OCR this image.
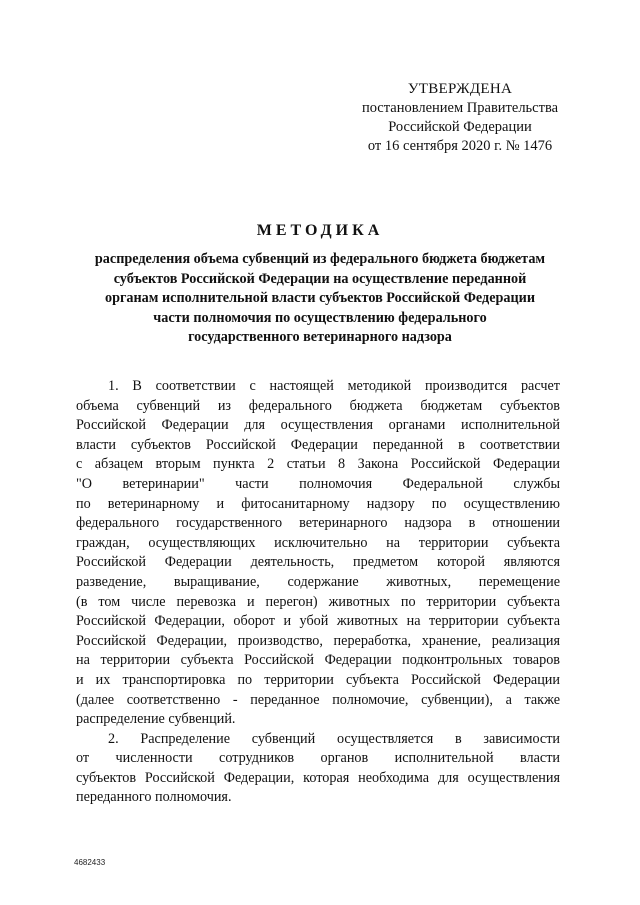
УТВЕРЖДЕНА
постановлением Правительства
Российской Федерации
от 16 сентября 2020 г. № 1476
МЕТОДИКА
распределения объема субвенций из федерального бюджета бюджетам
субъектов Российской Федерации на осуществление переданной
органам исполнительной власти субъектов Российской Федерации
части полномочия по осуществлению федерального
государственного ветеринарного надзора
1. В соответствии с настоящей методикой производится расчет
объема субвенций из федерального бюджета бюджетам субъектов
Российской Федерации для осуществления органами исполнительной
власти субъектов Российской Федерации переданной в соответствии
с абзацем вторым пункта 2 статьи 8 Закона Российской Федерации
"О ветеринарии" части полномочия Федеральной службы
по ветеринарному и фитосанитарному надзору по осуществлению
федерального государственного ветеринарного надзора в отношении
граждан, осуществляющих исключительно на территории субъекта
Российской Федерации деятельность, предметом которой являются
разведение, выращивание, содержание животных, перемещение
(в том числе перевозка и перегон) животных по территории субъекта
Российской Федерации, оборот и убой животных на территории субъекта
Российской Федерации, производство, переработка, хранение, реализация
на территории субъекта Российской Федерации подконтрольных товаров
и их транспортировка по территории субъекта Российской Федерации
(далее соответственно - переданное полномочие, субвенции), а также
распределение субвенций.
2. Распределение субвенций осуществляется в зависимости
от численности сотрудников органов исполнительной власти
субъектов Российской Федерации, которая необходима для осуществления
переданного полномочия.
4682433
